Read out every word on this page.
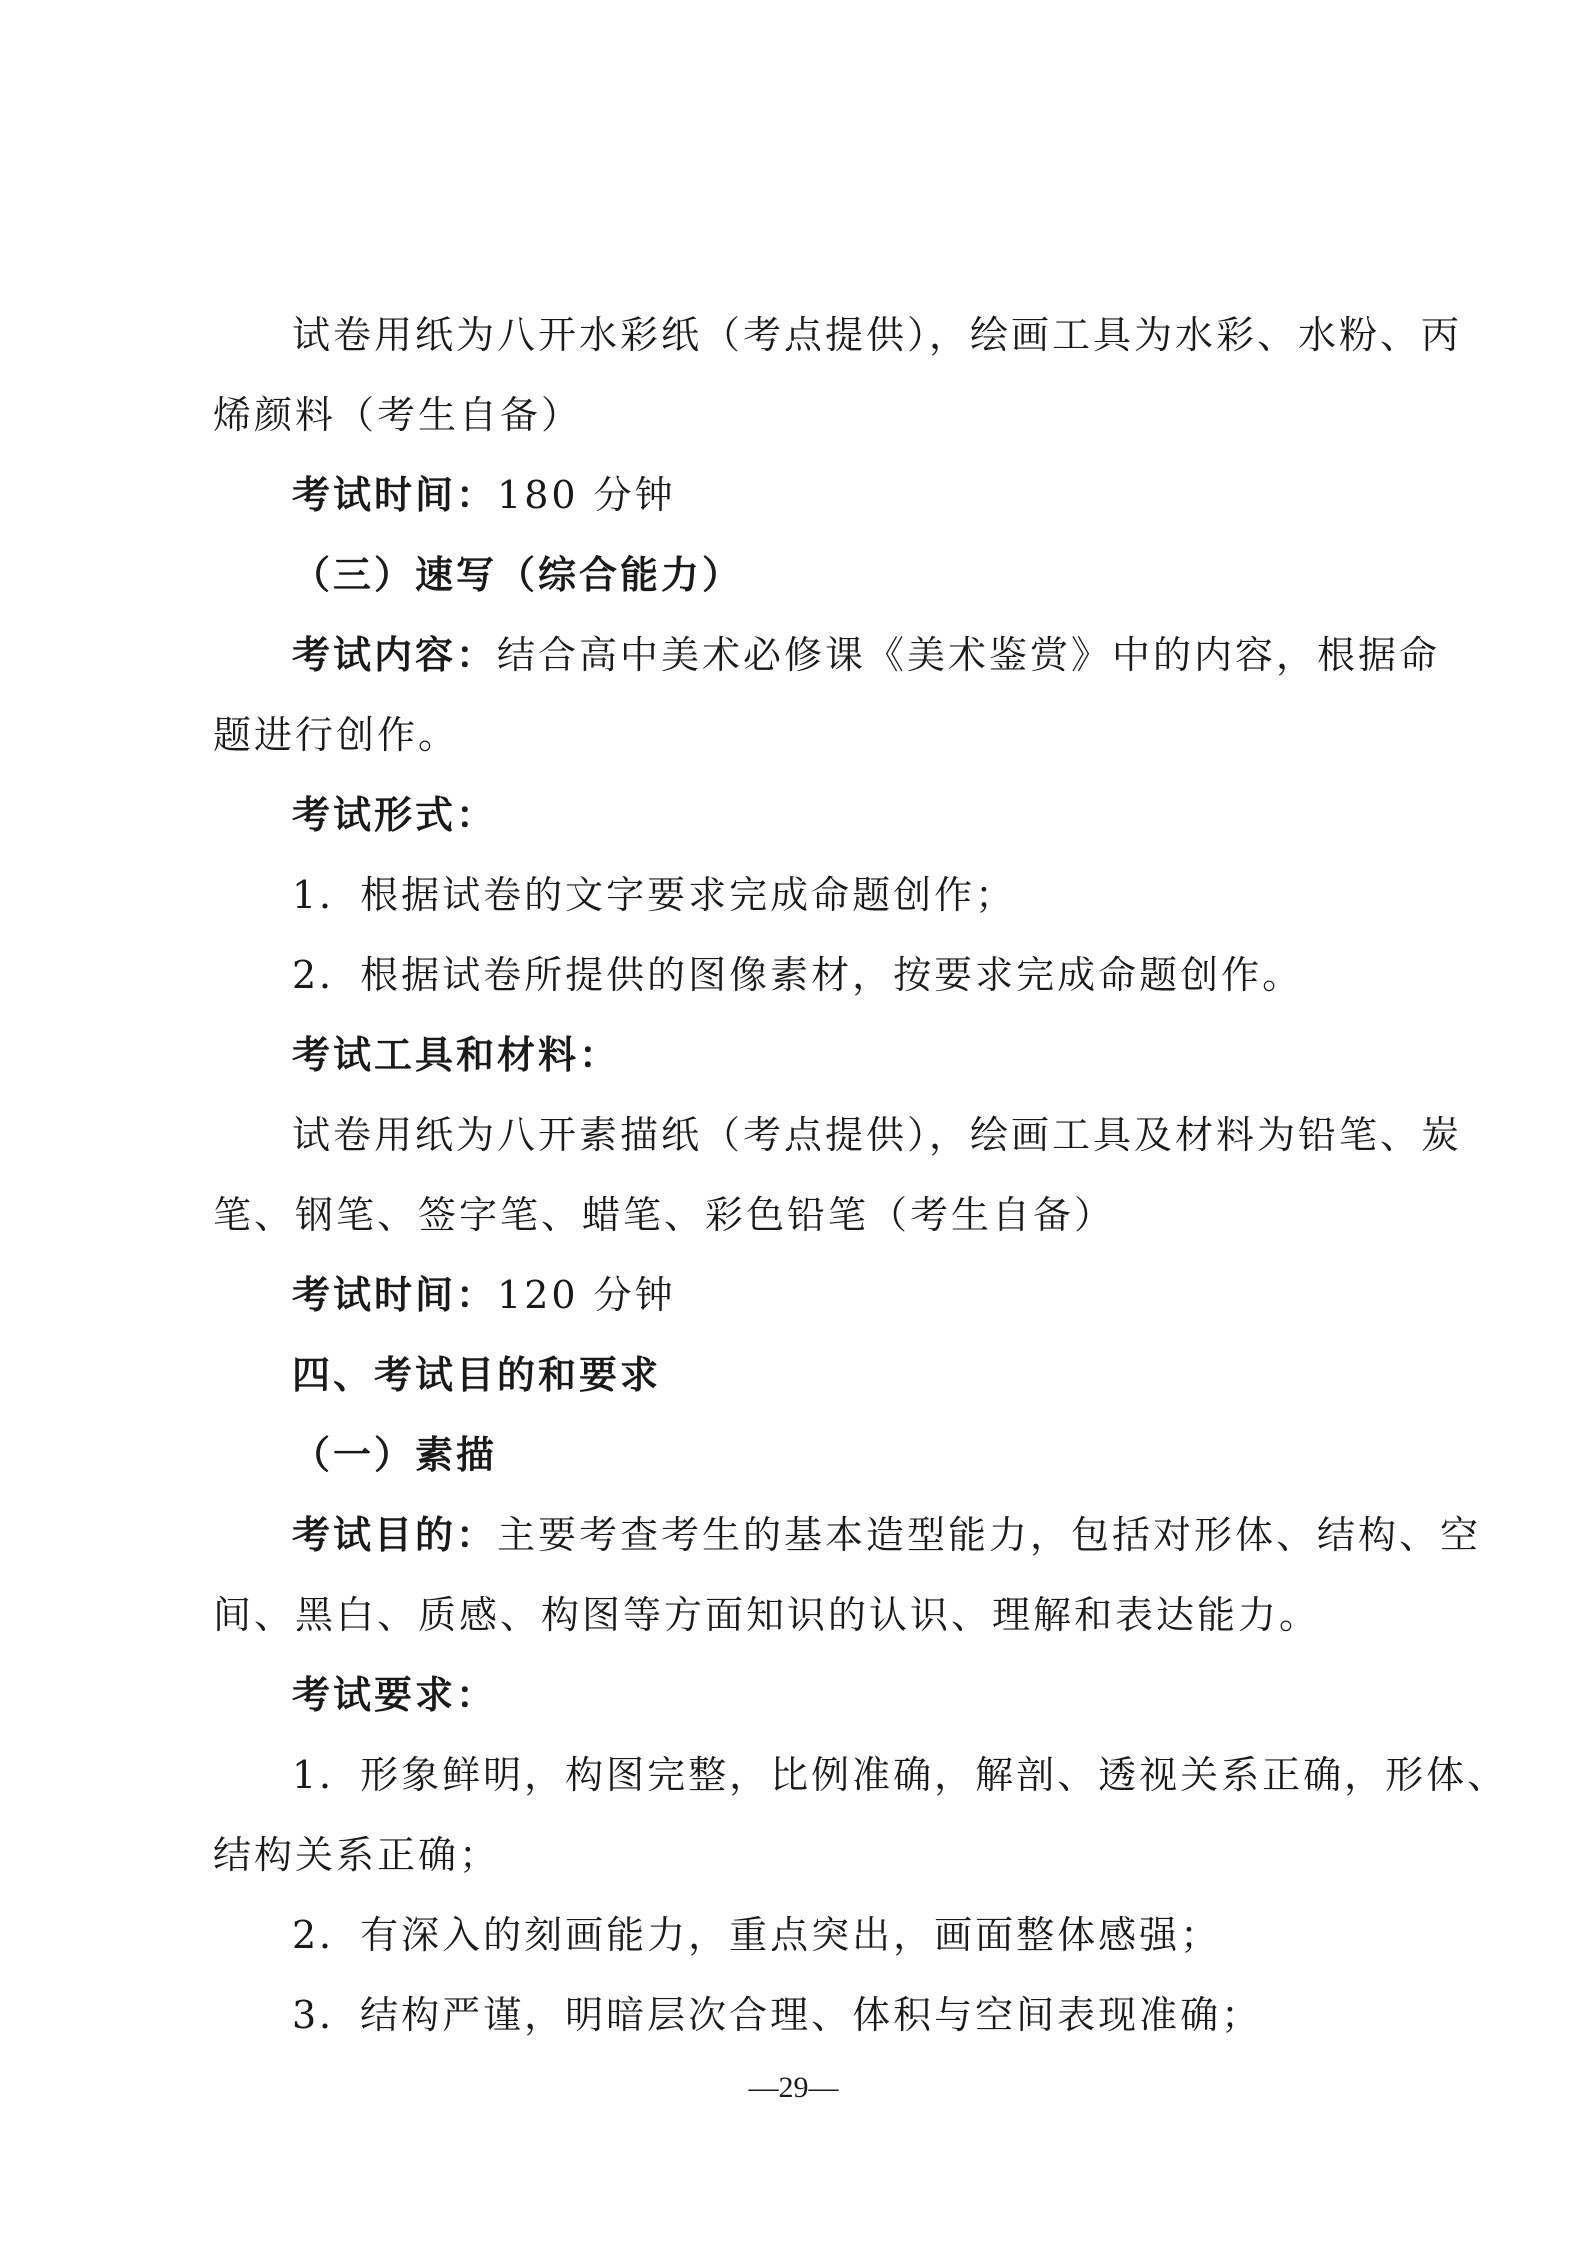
试卷用纸为八开水彩纸（考点提供），绘画工具为水彩、水粉、丙
烯颜料（考生自备）
考试时间：180 分钟
（三）速写（综合能力）
考试内容：结合高中美术必修课《美术鉴赏》中的内容，根据命
题进行创作。
考试形式：
1．根据试卷的文字要求完成命题创作；
2．根据试卷所提供的图像素材，按要求完成命题创作。
考试工具和材料：
试卷用纸为八开素描纸（考点提供），绘画工具及材料为铅笔、炭
笔、钢笔、签字笔、蜡笔、彩色铅笔（考生自备）
考试时间：120 分钟
四、考试目的和要求
（一）素描
考试目的：主要考查考生的基本造型能力，包括对形体、结构、空
间、黑白、质感、构图等方面知识的认识、理解和表达能力。
考试要求：
1．形象鲜明，构图完整，比例准确，解剖、透视关系正确，形体、
结构关系正确；
2．有深入的刻画能力，重点突出，画面整体感强；
3．结构严谨，明暗层次合理、体积与空间表现准确；
—29—
